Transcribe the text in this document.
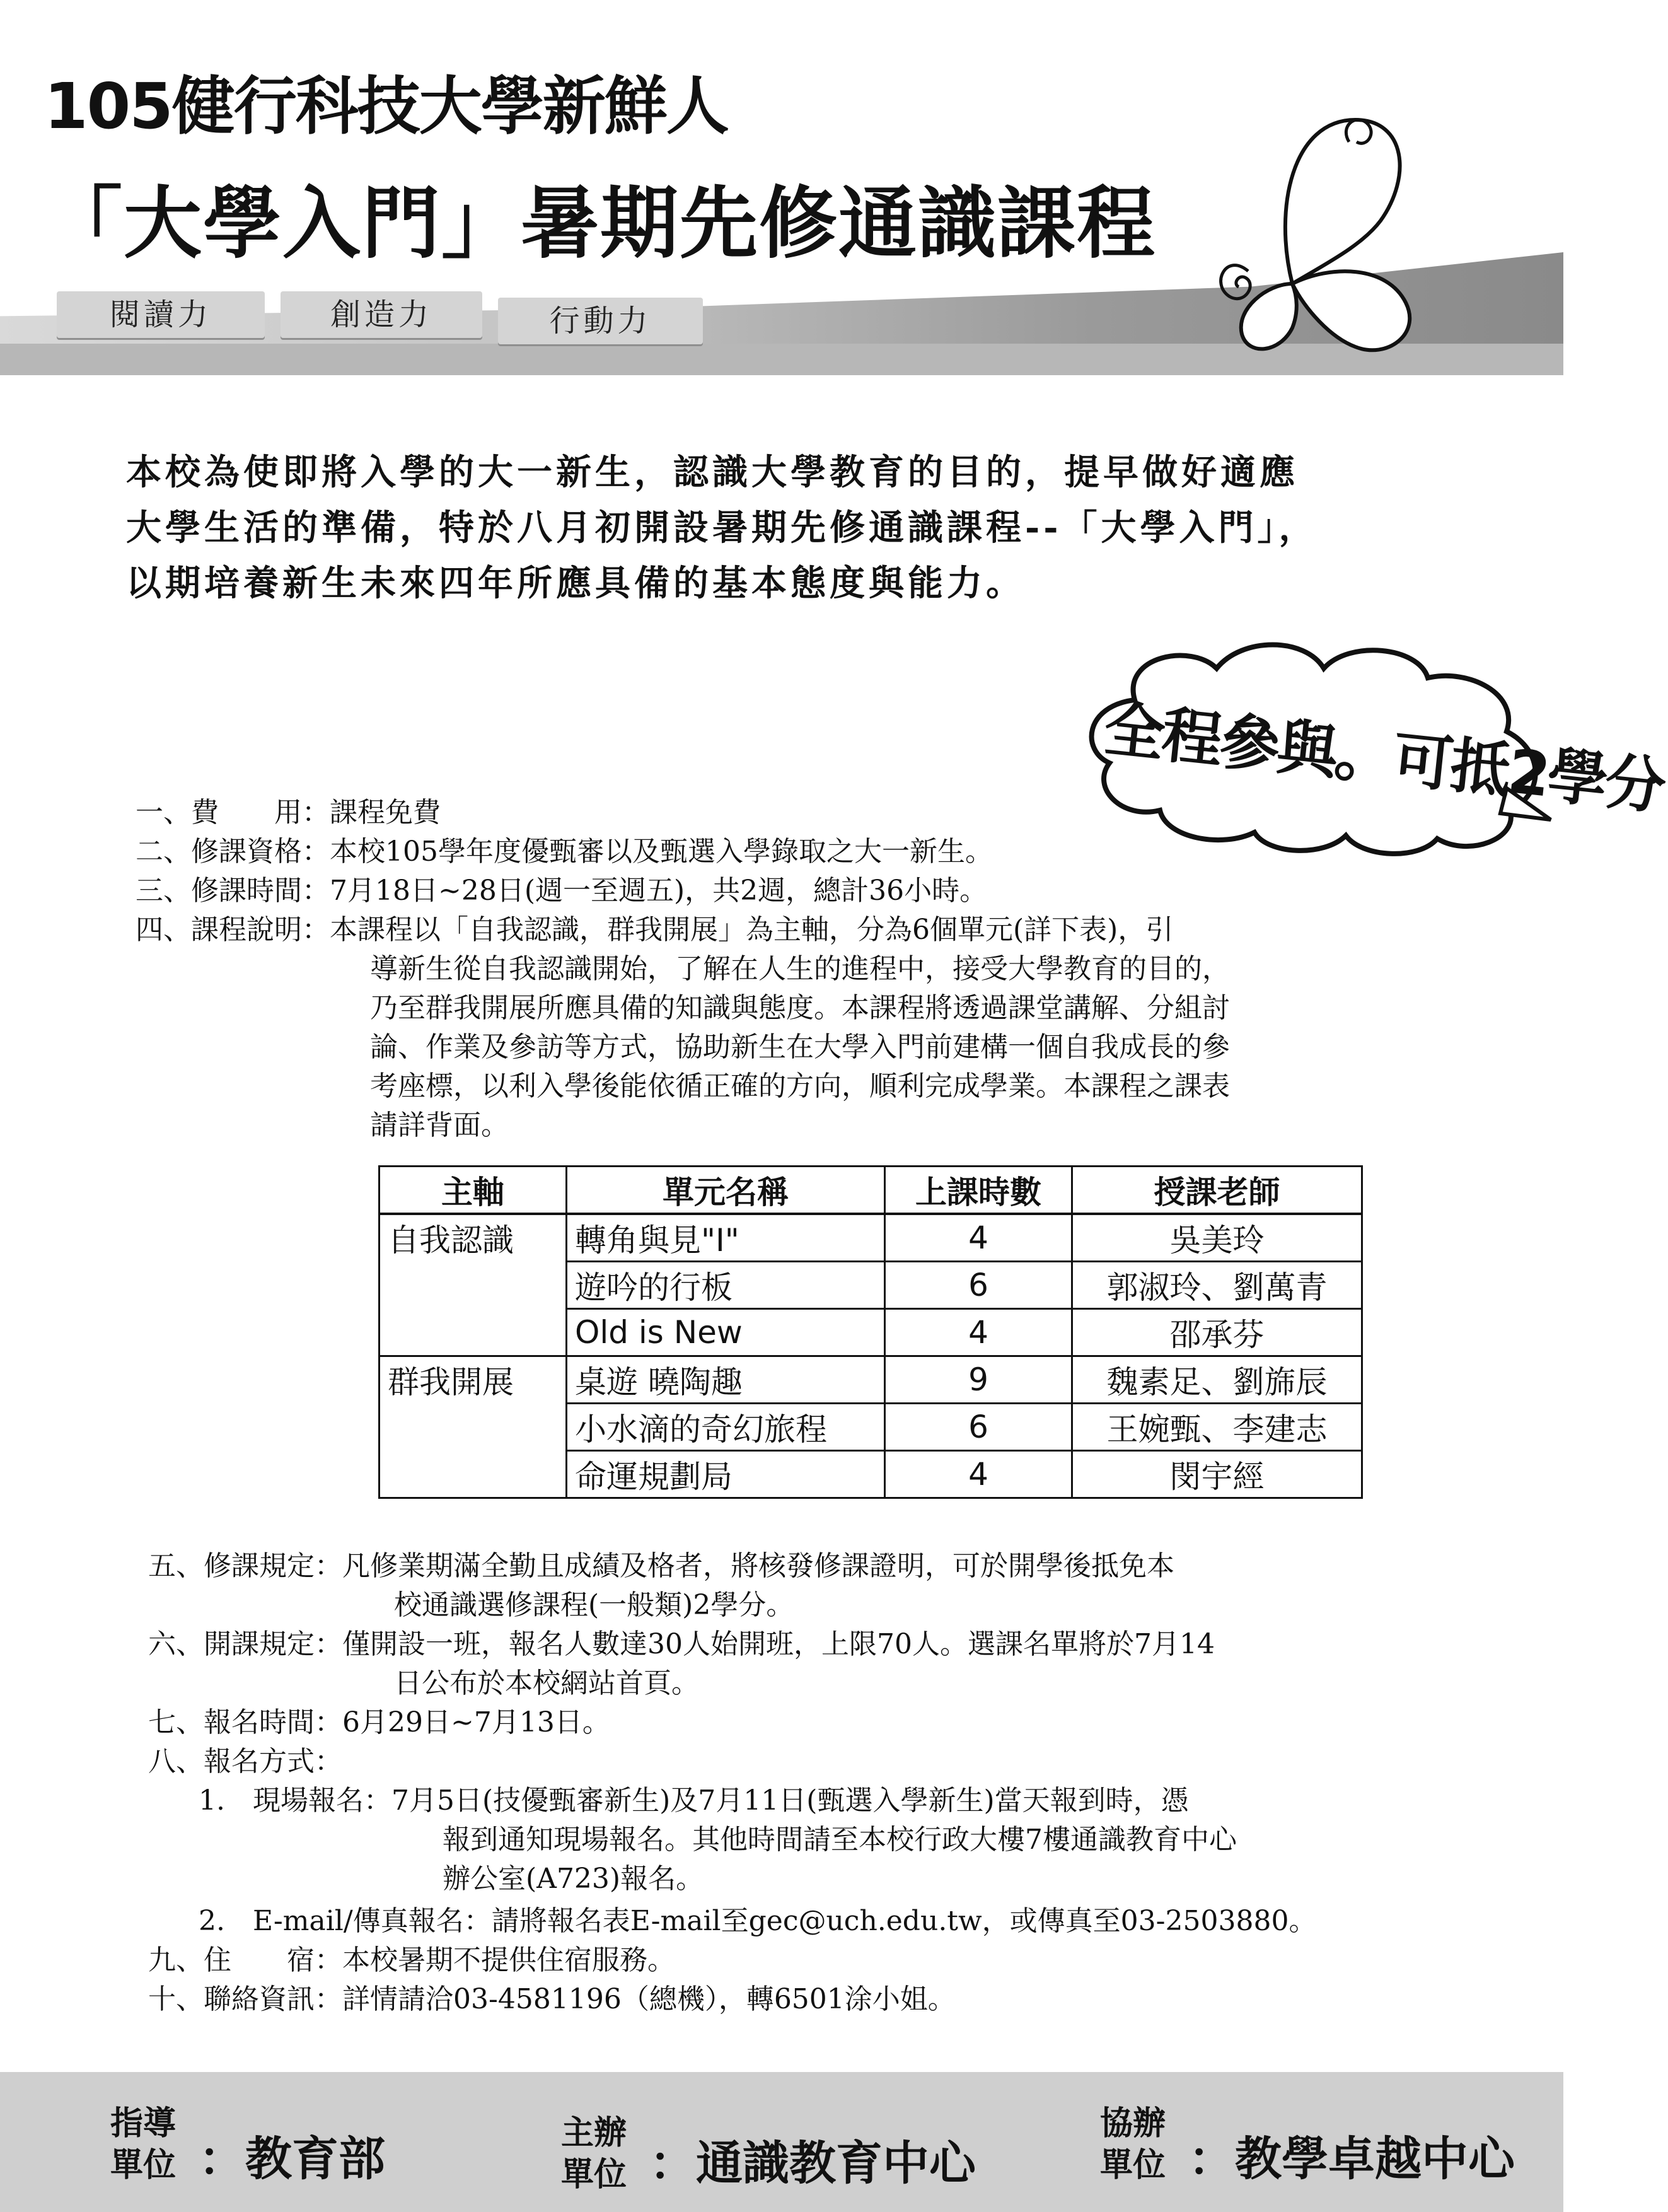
105健行科技大學新鮮人
「大學入門」暑期先修通識課程
閱讀力	創造力	行動力
本校為使即將入學的大一新生，認識大學教育的目的，提早做好適應
大學生活的準備，特於八月初開設暑期先修通識課程--「大學入門」，
以期培養新生未來四年所應具備的基本態度與能力。
全程參與。可抵2學分
一、費　　用：課程免費
二、修課資格：本校105學年度優甄審以及甄選入學錄取之大一新生。
三、修課時間：7月18日~28日(週一至週五)，共2週，總計36小時。
四、課程說明：本課程以「自我認識，群我開展」為主軸，分為6個單元(詳下表)，引
導新生從自我認識開始，了解在人生的進程中，接受大學教育的目的，
乃至群我開展所應具備的知識與態度。本課程將透過課堂講解、分組討
論、作業及參訪等方式，協助新生在大學入門前建構一個自我成長的參
考座標，以利入學後能依循正確的方向，順利完成學業。本課程之課表
請詳背面。
主軸	單元名稱	上課時數	授課老師
自我認識	轉角與見"I"	4	吳美玲
	遊吟的行板	6	郭淑玲、劉萬青
	Old is New	4	邵承芬
群我開展	桌遊 曉陶趣	9	魏素足、劉旆辰
	小水滴的奇幻旅程	6	王婉甄、李建志
	命運規劃局	4	閔宇經
五、修課規定：凡修業期滿全勤且成績及格者，將核發修課證明，可於開學後抵免本
校通識選修課程(一般類)2學分。
六、開課規定：僅開設一班，報名人數達30人始開班，上限70人。選課名單將於7月14
日公布於本校網站首頁。
七、報名時間：6月29日~7月13日。
八、報名方式：
1.　現場報名：7月5日(技優甄審新生)及7月11日(甄選入學新生)當天報到時，憑
報到通知現場報名。其他時間請至本校行政大樓7樓通識教育中心
辦公室(A723)報名。
2.　E-mail/傳真報名：請將報名表E-mail至gec@uch.edu.tw，或傳真至03-2503880。
九、住　　宿：本校暑期不提供住宿服務。
十、聯絡資訊：詳情請洽03-4581196（總機），轉6501涂小姐。
指導
單位 ：教育部	主辦
單位 ：通識教育中心
協辦
單位 ：教學卓越中心
